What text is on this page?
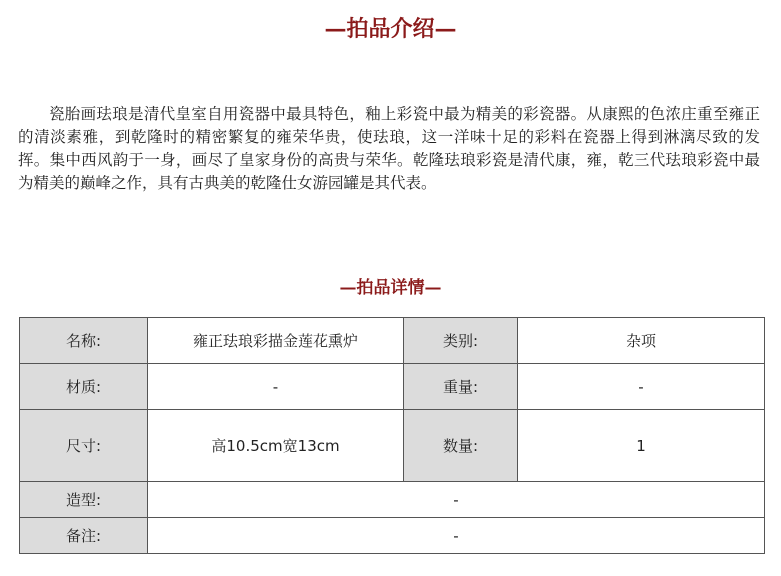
—拍品介绍—

瓷胎画珐琅是清代皇室自用瓷器中最具特色，釉上彩瓷中最为精美的彩瓷器。从康熙的色浓庄重至雍正的清淡素雅，到乾隆时的精密繁复的雍荣华贵，使珐琅，这一洋味十足的彩料在瓷器上得到淋漓尽致的发挥。集中西风韵于一身，画尽了皇家身份的高贵与荣华。乾隆珐琅彩瓷是清代康，雍，乾三代珐琅彩瓷中最为精美的巅峰之作，具有古典美的乾隆仕女游园罐是其代表。

—拍品详情—
名称:	雍正珐琅彩描金莲花熏炉	类别:	杂项
材质:	-	重量:	-
尺寸:	高10.5cm宽13cm	数量:	1
造型:	-		
备注:	-		
